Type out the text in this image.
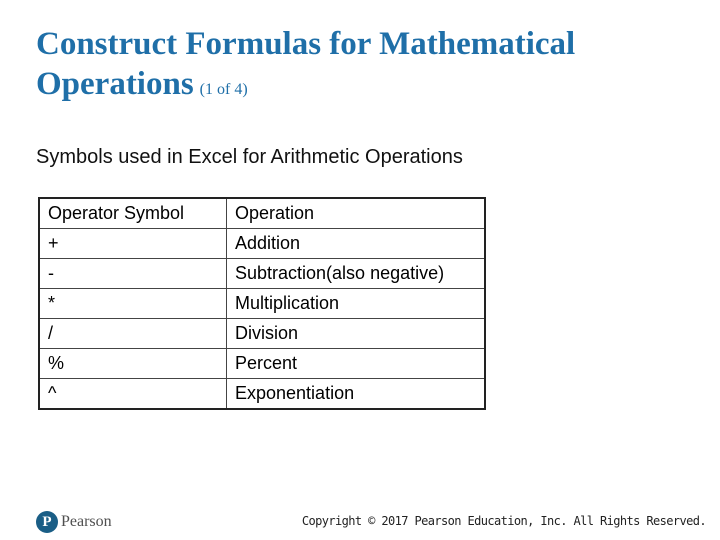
Construct Formulas for Mathematical Operations (1 of 4)
Symbols used in Excel for Arithmetic Operations
Operator Symbol	Operation
+	Addition
-	Subtraction(also negative)
*	Multiplication
/	Division
%	Percent
^	Exponentiation
P Pearson	Copyright © 2017 Pearson Education, Inc. All Rights Reserved.
